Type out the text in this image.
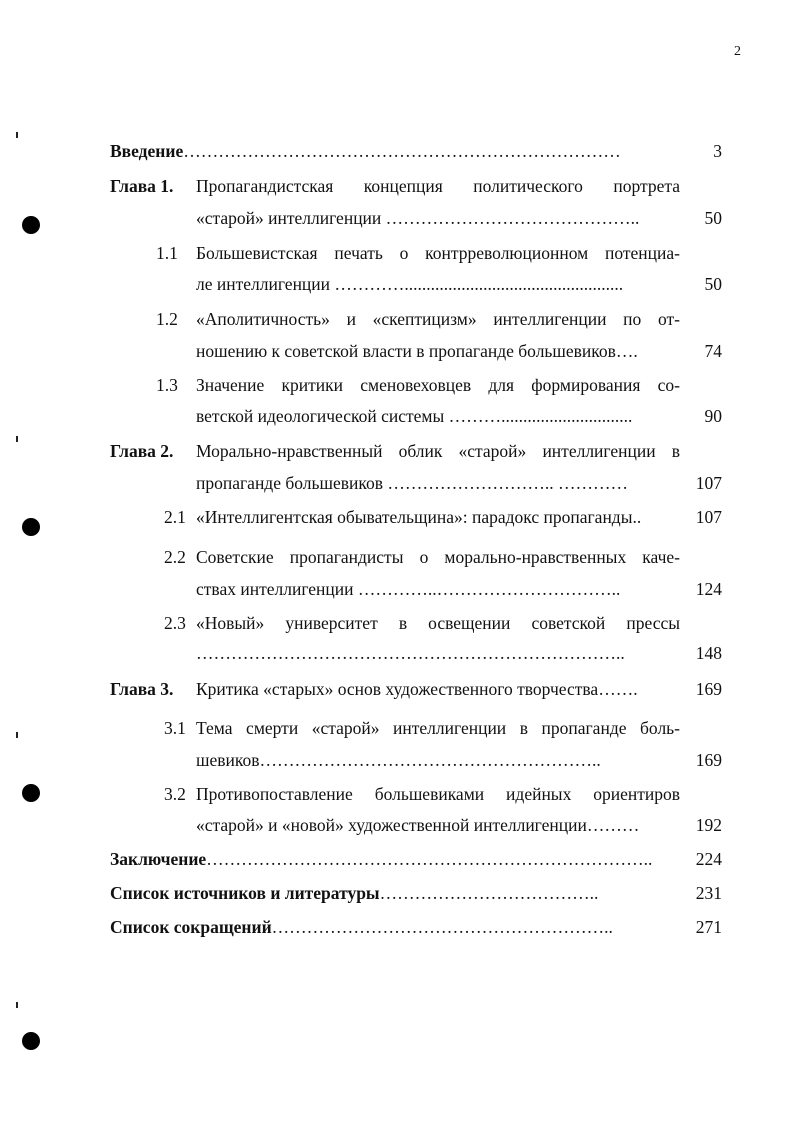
2
Введение…………………………………………………………………	3
Глава 1. Пропагандистская концепция политического портрета
«старой» интеллигенции ……………………………………..	50
1.1 Большевистская печать о контрреволюционном потенциа-
ле интеллигенции …………..................................................	50
1.2 «Аполитичность» и «скептицизм» интеллигенции по от-
ношению к советской власти в пропаганде большевиков….	74
1.3 Значение критики сменовеховцев для формирования со-
ветской идеологической системы ………..............................	90
Глава 2. Морально-нравственный облик «старой» интеллигенции в
пропаганде большевиков ……………………….. …………	107
2.1 «Интеллигентская обывательщина»: парадокс пропаганды..	107
2.2 Советские пропагандисты о морально-нравственных каче-
ствах интеллигенции …………..…………………………..	124
2.3 «Новый» университет в освещении советской прессы
………………………………………………………………..	148
Глава 3. Критика «старых» основ художественного творчества…….	169
3.1 Тема смерти «старой» интеллигенции в пропаганде боль-
шевиков…………………………………………………..	169
3.2 Противопоставление большевиками идейных ориентиров
«старой» и «новой» художественной интеллигенции………	192
Заключение…………………………………………………………………..	224
Список источников и литературы………………………………..	231
Список сокращений…………………………………………………..	271
